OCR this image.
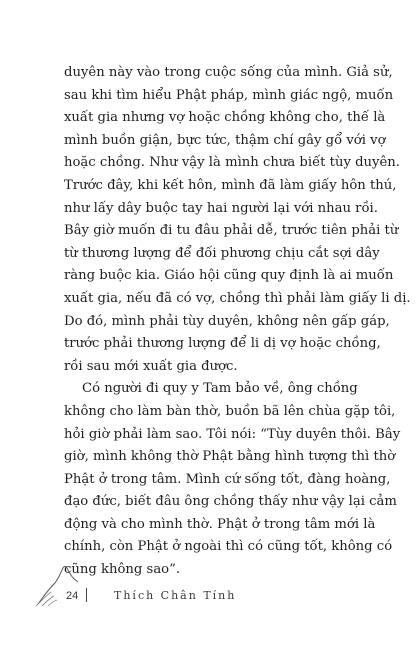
duyên này vào trong cuộc sống của mình. Giả sử,
sau khi tìm hiểu Phật pháp, mình giác ngộ, muốn
xuất gia nhưng vợ hoặc chồng không cho, thế là
mình buồn giận, bực tức, thậm chí gây gổ với vợ
hoặc chồng. Như vậy là mình chưa biết tùy duyên.
Trước đây, khi kết hôn, mình đã làm giấy hôn thú,
như lấy dây buộc tay hai người lại với nhau rồi.
Bây giờ muốn đi tu đâu phải dễ, trước tiên phải từ
từ thương lượng để đối phương chịu cắt sợi dây
ràng buộc kia. Giáo hội cũng quy định là ai muốn
xuất gia, nếu đã có vợ, chồng thì phải làm giấy li dị.
Do đó, mình phải tùy duyên, không nên gấp gáp,
trước phải thương lượng để li dị vợ hoặc chồng,
rồi sau mới xuất gia được.

Có người đi quy y Tam bảo về, ông chồng
không cho làm bàn thờ, buồn bã lên chùa gặp tôi,
hỏi giờ phải làm sao. Tôi nói: “Tùy duyên thôi. Bây
giờ, mình không thờ Phật bằng hình tượng thì thờ
Phật ở trong tâm. Mình cứ sống tốt, đàng hoàng,
đạo đức, biết đâu ông chồng thấy như vậy lại cảm
động và cho mình thờ. Phật ở trong tâm mới là
chính, còn Phật ở ngoài thì có cũng tốt, không có
cũng không sao”.

24	Thích Chân Tính
